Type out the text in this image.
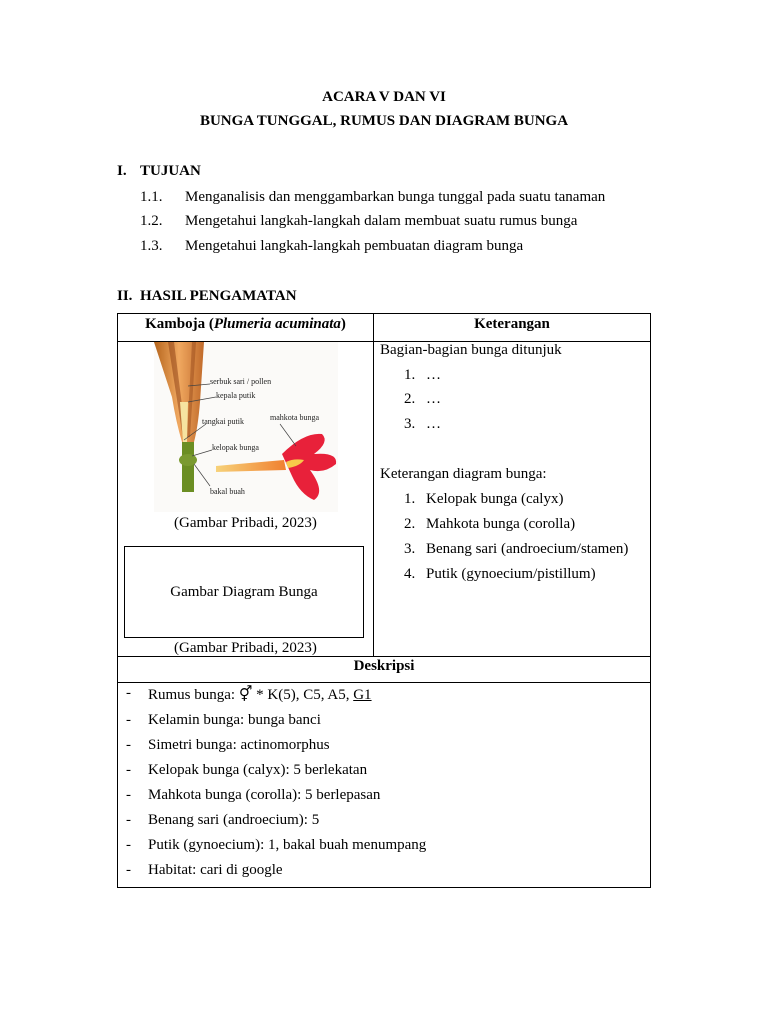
ACARA V DAN VI
BUNGA TUNGGAL, RUMUS DAN DIAGRAM BUNGA
I. TUJUAN
1.1. Menganalisis dan menggambarkan bunga tunggal pada suatu tanaman
1.2. Mengetahui langkah-langkah dalam membuat suatu rumus bunga
1.3. Mengetahui langkah-langkah pembuatan diagram bunga
II. HASIL PENGAMATAN
Kamboja (Plumeria acuminata)	Keterangan
serbuk sari / pollen
kepala putik
tangkai putik	mahkota bunga
kelopak bunga
bakal buah
(Gambar Pribadi, 2023)
Gambar Diagram Bunga
(Gambar Pribadi, 2023)
Bagian-bagian bunga ditunjuk
1. …
2. …
3. …
Keterangan diagram bunga:
1. Kelopak bunga (calyx)
2. Mahkota bunga (corolla)
3. Benang sari (androecium/stamen)
4. Putik (gynoecium/pistillum)
Deskripsi
- Rumus bunga: ⚥ * K(5), C5, A5, G1
- Kelamin bunga: bunga banci
- Simetri bunga: actinomorphus
- Kelopak bunga (calyx): 5 berlekatan
- Mahkota bunga (corolla): 5 berlepasan
- Benang sari (androecium): 5
- Putik (gynoecium): 1, bakal buah menumpang
- Habitat: cari di google
